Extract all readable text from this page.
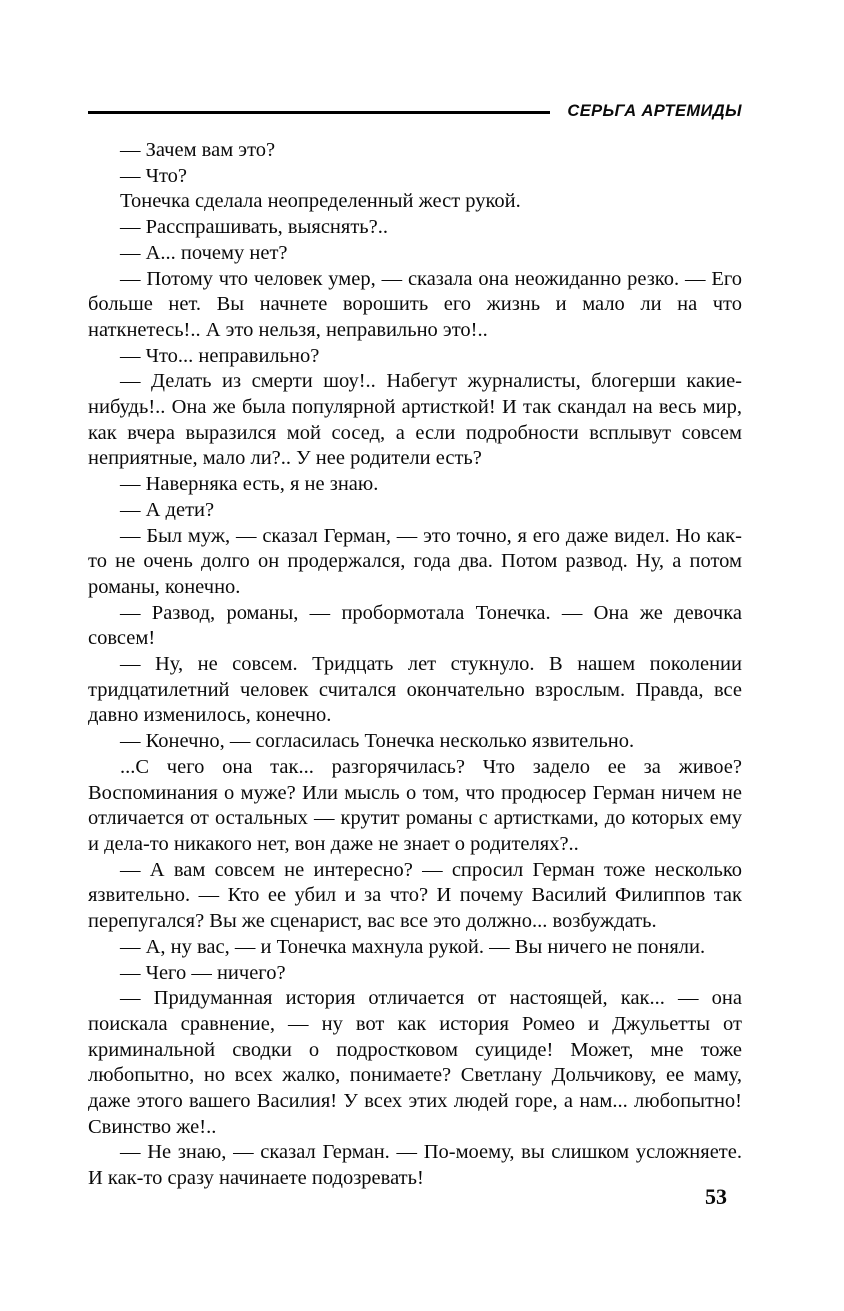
СЕРЬГА АРТЕМИДЫ

— Зачем вам это?

— Что?

Тонечка сделала неопределенный жест рукой.

— Расспрашивать, выяснять?..

— А... почему нет?

— Потому что человек умер, — сказала она неожиданно резко. — Его больше нет. Вы начнете ворошить его жизнь и мало ли на что наткнетесь!.. А это нельзя, неправильно это!..

— Что... неправильно?

— Делать из смерти шоу!.. Набегут журналисты, блогерши какие-нибудь!.. Она же была популярной артисткой! И так скандал на весь мир, как вчера выразился мой сосед, а если подробности всплывут совсем неприятные, мало ли?.. У нее родители есть?

— Наверняка есть, я не знаю.

— А дети?

— Был муж, — сказал Герман, — это точно, я его даже видел. Но как-то не очень долго он продержался, года два. Потом развод. Ну, а потом романы, конечно.

— Развод, романы, — пробормотала Тонечка. — Она же девочка совсем!

— Ну, не совсем. Тридцать лет стукнуло. В нашем поколении тридцатилетний человек считался окончательно взрослым. Правда, все давно изменилось, конечно.

— Конечно, — согласилась Тонечка несколько язвительно.

...С чего она так... разгорячилась? Что задело ее за живое? Воспоминания о муже? Или мысль о том, что продюсер Герман ничем не отличается от остальных — крутит романы с артистками, до которых ему и дела-то никакого нет, вон даже не знает о родителях?..

— А вам совсем не интересно? — спросил Герман тоже несколько язвительно. — Кто ее убил и за что? И почему Василий Филиппов так перепугался? Вы же сценарист, вас все это должно... возбуждать.

— А, ну вас, — и Тонечка махнула рукой. — Вы ничего не поняли.

— Чего — ничего?

— Придуманная история отличается от настоящей, как... — она поискала сравнение, — ну вот как история Ромео и Джульетты от криминальной сводки о подростковом суициде! Может, мне тоже любопытно, но всех жалко, понимаете? Светлану Дольчикову, ее маму, даже этого вашего Василия! У всех этих людей горе, а нам... любопытно! Свинство же!..

— Не знаю, — сказал Герман. — По-моему, вы слишком усложняете. И как-то сразу начинаете подозревать!

53
